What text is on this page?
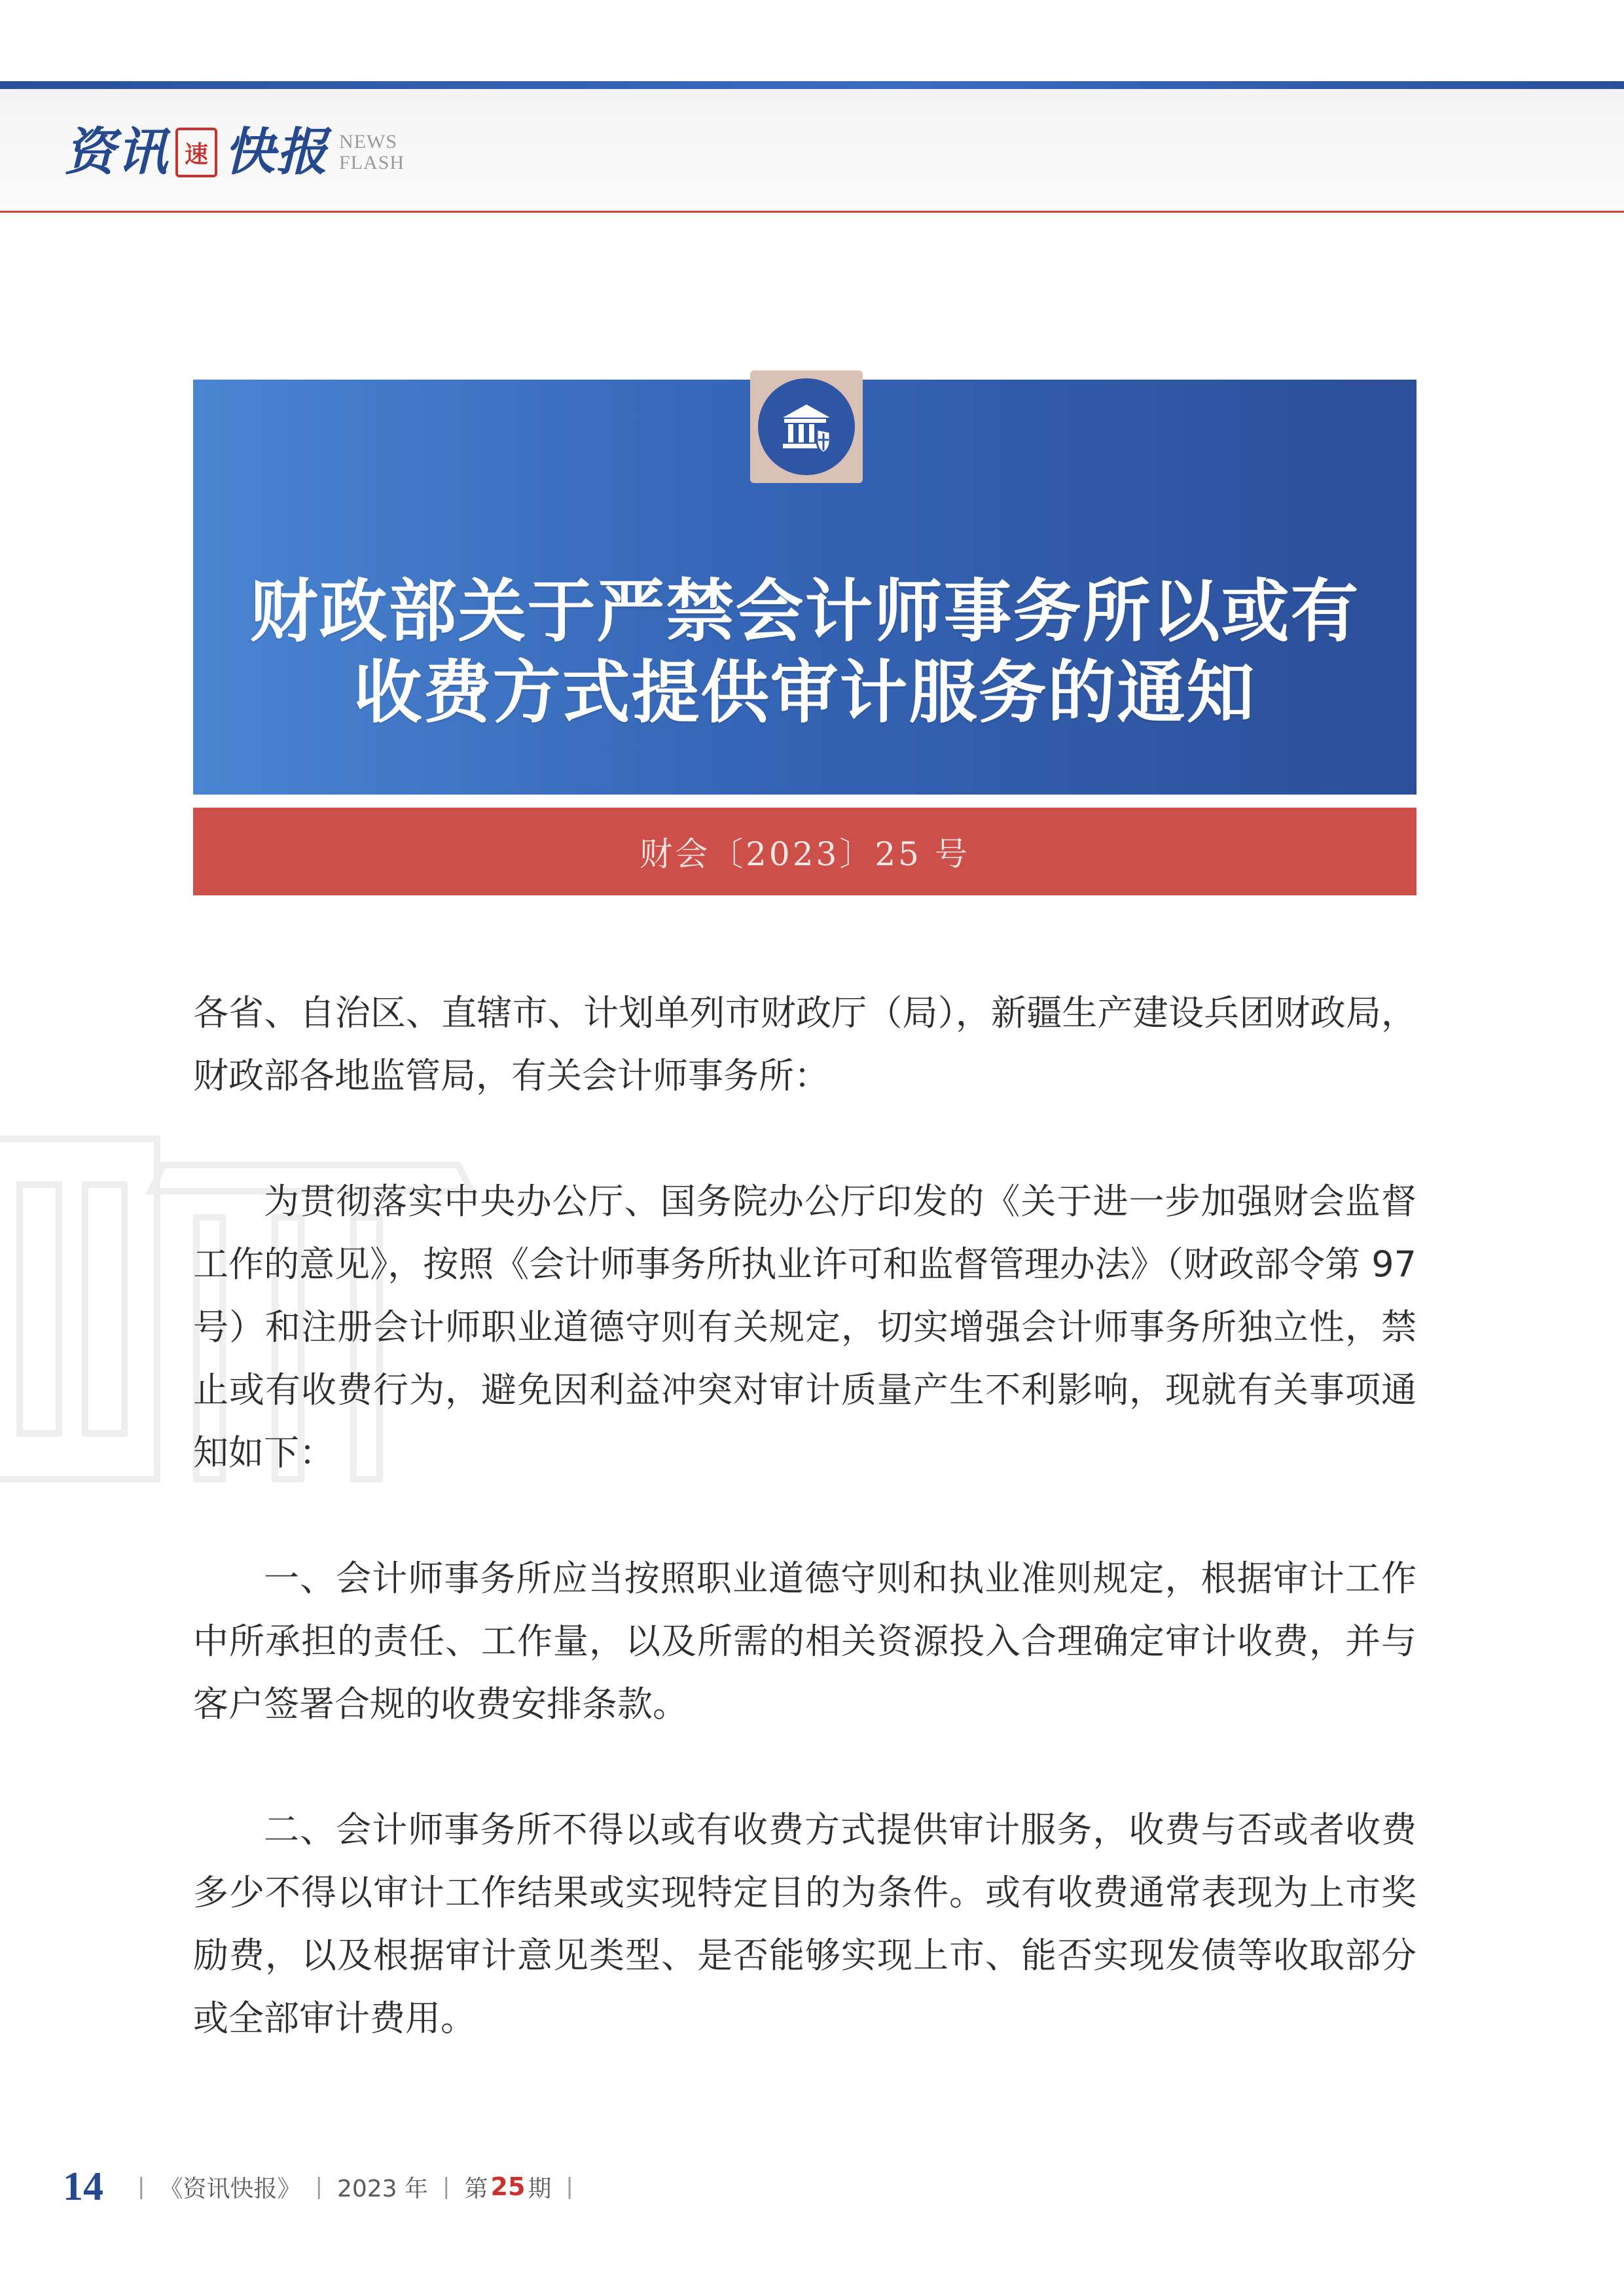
资讯 速 快报 NEWS
FLASH
财政部关于严禁会计师事务所以或有
收费方式提供审计服务的通知
财会〔2023〕25 号

各省、自治区、直辖市、计划单列市财政厅（局），新疆生产建设兵团财政局，财政部各地监管局，有关会计师事务所：

为贯彻落实中央办公厅、国务院办公厅印发的《关于进一步加强财会监督工作的意见》，按照《会计师事务所执业许可和监督管理办法》（财政部令第 97 号）和注册会计师职业道德守则有关规定，切实增强会计师事务所独立性，禁止或有收费行为，避免因利益冲突对审计质量产生不利影响，现就有关事项通知如下：

一、会计师事务所应当按照职业道德守则和执业准则规定，根据审计工作中所承担的责任、工作量，以及所需的相关资源投入合理确定审计收费，并与客户签署合规的收费安排条款。

二、会计师事务所不得以或有收费方式提供审计服务，收费与否或者收费多少不得以审计工作结果或实现特定目的为条件。或有收费通常表现为上市奖励费，以及根据审计意见类型、是否能够实现上市、能否实现发债等收取部分或全部审计费用。

14 | 《资讯快报》 | 2023 年 | 第 25 期 |
